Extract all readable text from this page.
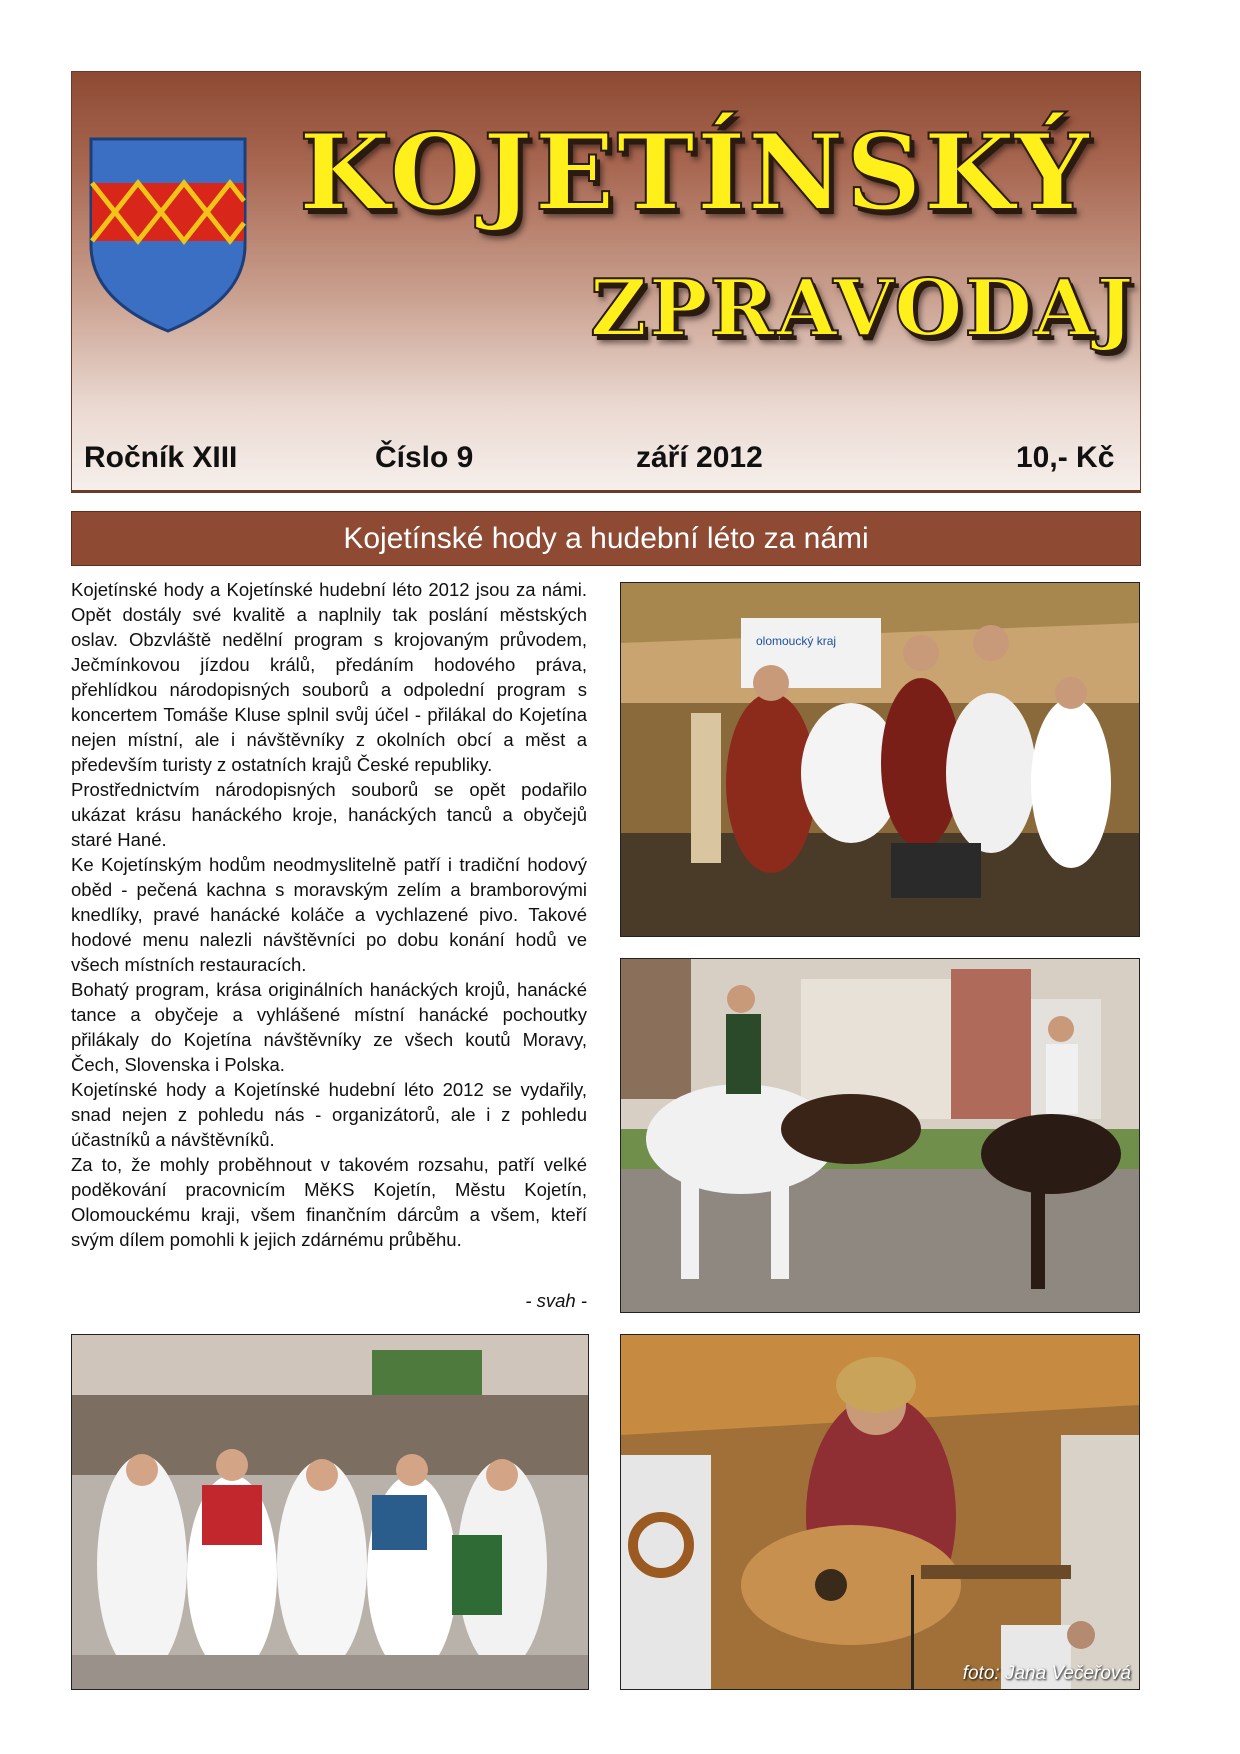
KOJETÍNSKÝ
ZPRAVODAJ
Ročník XIII	Číslo 9	září 2012	10,- Kč
Kojetínské hody a hudební léto za námi

Kojetínské hody a Kojetínské hudební léto 2012 jsou za námi. Opět dostály své kvalitě a naplnily tak poslání městských oslav. Obzvláště nedělní program s krojovaným průvodem, Ječmínkovou jízdou králů, předáním hodového práva, přehlídkou národopisných souborů a odpolední program s koncertem Tomáše Kluse splnil svůj účel - přilákal do Kojetína nejen místní, ale i návštěvníky z okolních obcí a měst a především turisty z ostatních krajů České republiky.

Prostřednictvím národopisných souborů se opět podařilo ukázat krásu hanáckého kroje, hanáckých tanců a obyčejů staré Hané.

Ke Kojetínským hodům neodmyslitelně patří i tradiční hodový oběd - pečená kachna s moravským zelím a bramborovými knedlíky, pravé hanácké koláče a vychlazené pivo. Takové hodové menu nalezli návštěvníci po dobu konání hodů ve všech místních restauracích.

Bohatý program, krása originálních hanáckých krojů, hanácké tance a obyčeje a vyhlášené místní hanácké pochoutky přilákaly do Kojetína návštěvníky ze všech koutů Moravy, Čech, Slovenska i Polska.

Kojetínské hody a Kojetínské hudební léto 2012 se vydařily, snad nejen z pohledu nás - organizátorů, ale i z pohledu účastníků a návštěvníků.

Za to, že mohly proběhnout v takovém rozsahu, patří velké poděkování pracovnicím MěKS Kojetín, Městu Kojetín, Olomouckému kraji, všem finančním dárcům a všem, kteří svým dílem pomohli k jejich zdárnému průběhu.

- svah -
olomoucký kraj
foto: Jana Večeřová
